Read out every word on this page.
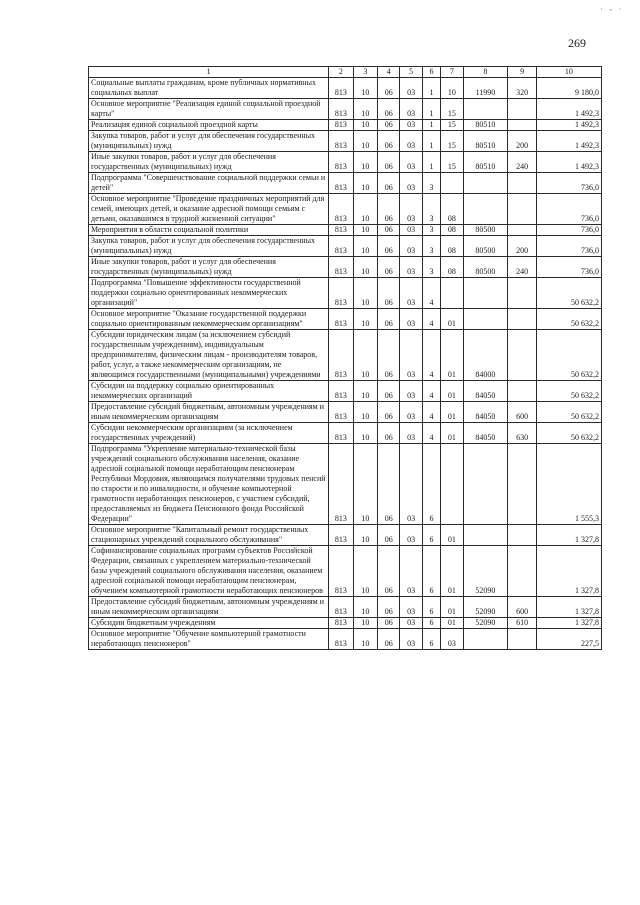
269
· - ·
1	2	3	4	5	6	7	8	9	10
Социальные выплаты гражданам, кроме публичных нормативных социальных выплат	813	10	06	03	1	10	11990	320	9 180,0
Основное мероприятие "Реализация единой социальной проездной карты"	813	10	06	03	1	15			1 492,3
Реализация единой социальной проездной карты	813	10	06	03	1	15	80510		1 492,3
Закупка товаров, работ и услуг для обеспечения государственных (муниципальных) нужд	813	10	06	03	1	15	80510	200	1 492,3
Иные закупки товаров, работ и услуг для обеспечения государственных (муниципальных) нужд	813	10	06	03	1	15	80510	240	1 492,3
Подпрограмма "Совершенствование социальной поддержки семьи и детей"	813	10	06	03	3				736,0
Основное мероприятие "Проведение праздничных мероприятий для семей, имеющих детей, и оказание адресной помощи семьям с детьми, оказавшимся в трудной жизненной ситуации"	813	10	06	03	3	08			736,0
Мероприятия в области социальной политики	813	10	06	03	3	08	80500		736,0
Закупка товаров, работ и услуг для обеспечения государственных (муниципальных) нужд	813	10	06	03	3	08	80500	200	736,0
Иные закупки товаров, работ и услуг для обеспечения государственных (муниципальных) нужд	813	10	06	03	3	08	80500	240	736,0
Подпрограмма "Повышение эффективности государственной поддержки социально ориентированных некоммерческих организаций"	813	10	06	03	4				50 632,2
Основное мероприятие "Оказание государственной поддержки социально ориентированным некоммерческим организациям"	813	10	06	03	4	01			50 632,2
Субсидии юридическим лицам (за исключением субсидий государственным учреждениям), индивидуальным предпринимателям, физическим лицам - производителям товаров, работ, услуг, а также некоммерческим организациям, не являющимся государственными (муниципальными) учреждениями	813	10	06	03	4	01	84000		50 632,2
Субсидии на поддержку социально ориентированных некоммерческих организаций	813	10	06	03	4	01	84050		50 632,2
Предоставление субсидий бюджетным, автономным учреждениям и иным некоммерческим организациям	813	10	06	03	4	01	84050	600	50 632,2
Субсидии некоммерческим организациям (за исключением государственных учреждений)	813	10	06	03	4	01	84050	630	50 632,2
Подпрограмма "Укрепление материально-технической базы учреждений социального обслуживания населения, оказание адресной социальной помощи неработающим пенсионерам Республики Мордовия, являющимся получателями трудовых пенсий по старости и по инвалидности, и обучение компьютерной грамотности неработающих пенсионеров, с участием субсидий, предоставляемых из бюджета Пенсионного фонда Российской Федерации"	813	10	06	03	6				1 555,3
Основное мероприятие "Капитальный ремонт государственных стационарных учреждений социального обслуживания"	813	10	06	03	6	01			1 327,8
Софинансирование социальных программ субъектов Российской Федерации, связанных с укреплением материально-технической базы учреждений социального обслуживания населения, оказанием адресной социальной помощи неработающим пенсионерам, обучением компьютерной грамотности неработающих пенсионеров	813	10	06	03	6	01	52090		1 327,8
Предоставление субсидий бюджетным, автономным учреждениям и иным некоммерческим организациям	813	10	06	03	6	01	52090	600	1 327,8
Субсидии бюджетным учреждениям	813	10	06	03	6	01	52090	610	1 327,8
Основное мероприятие "Обучение компьютерной грамотности неработающих пенсионеров"	813	10	06	03	6	03			227,5
